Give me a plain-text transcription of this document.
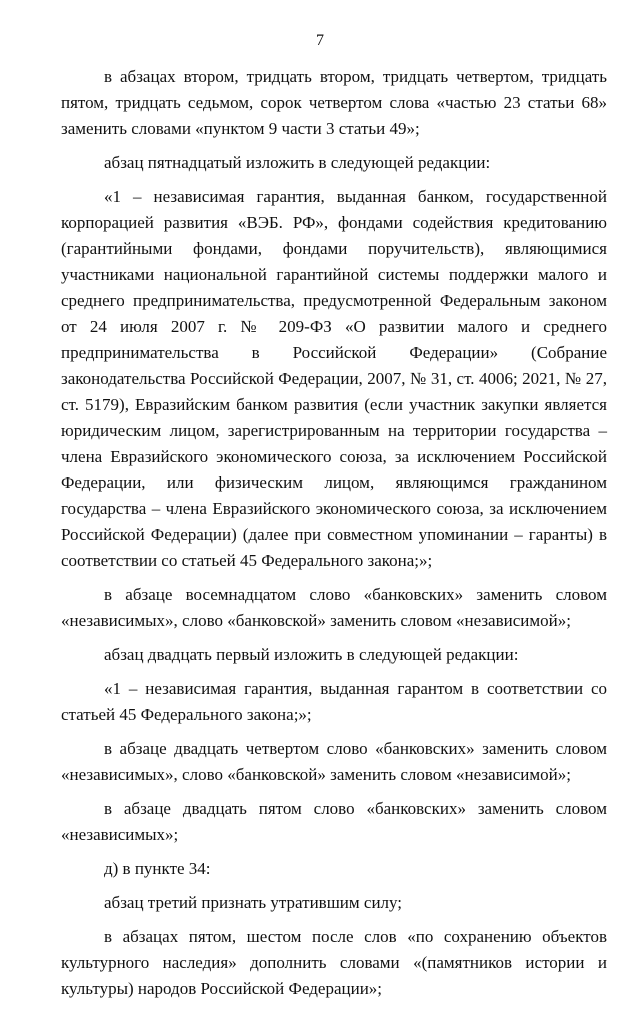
7

в абзацах втором, тридцать втором, тридцать четвертом, тридцать пятом, тридцать седьмом, сорок четвертом слова «частью 23 статьи 68» заменить словами «пунктом 9 части 3 статьи 49»;

абзац пятнадцатый изложить в следующей редакции:

«1 – независимая гарантия, выданная банком, государственной корпорацией развития «ВЭБ. РФ», фондами содействия кредитованию (гарантийными фондами, фондами поручительств), являющимися участниками национальной гарантийной системы поддержки малого и среднего предпринимательства, предусмотренной Федеральным законом от 24 июля 2007 г. № 209-ФЗ «О развитии малого и среднего предпринимательства в Российской Федерации» (Собрание законодательства Российской Федерации, 2007, № 31, ст. 4006; 2021, № 27, ст. 5179), Евразийским банком развития (если участник закупки является юридическим лицом, зарегистрированным на территории государства – члена Евразийского экономического союза, за исключением Российской Федерации, или физическим лицом, являющимся гражданином государства – члена Евразийского экономического союза, за исключением Российской Федерации) (далее при совместном упоминании – гаранты) в соответствии со статьей 45 Федерального закона;»;

в абзаце восемнадцатом слово «банковских» заменить словом «независимых», слово «банковской» заменить словом «независимой»;

абзац двадцать первый изложить в следующей редакции:

«1 – независимая гарантия, выданная гарантом в соответствии со статьей 45 Федерального закона;»;

в абзаце двадцать четвертом слово «банковских» заменить словом «независимых», слово «банковской» заменить словом «независимой»;

в абзаце двадцать пятом слово «банковских» заменить словом «независимых»;

д) в пункте 34:

абзац третий признать утратившим силу;

в абзацах пятом, шестом после слов «по сохранению объектов культурного наследия» дополнить словами «(памятников истории и культуры) народов Российской Федерации»;
